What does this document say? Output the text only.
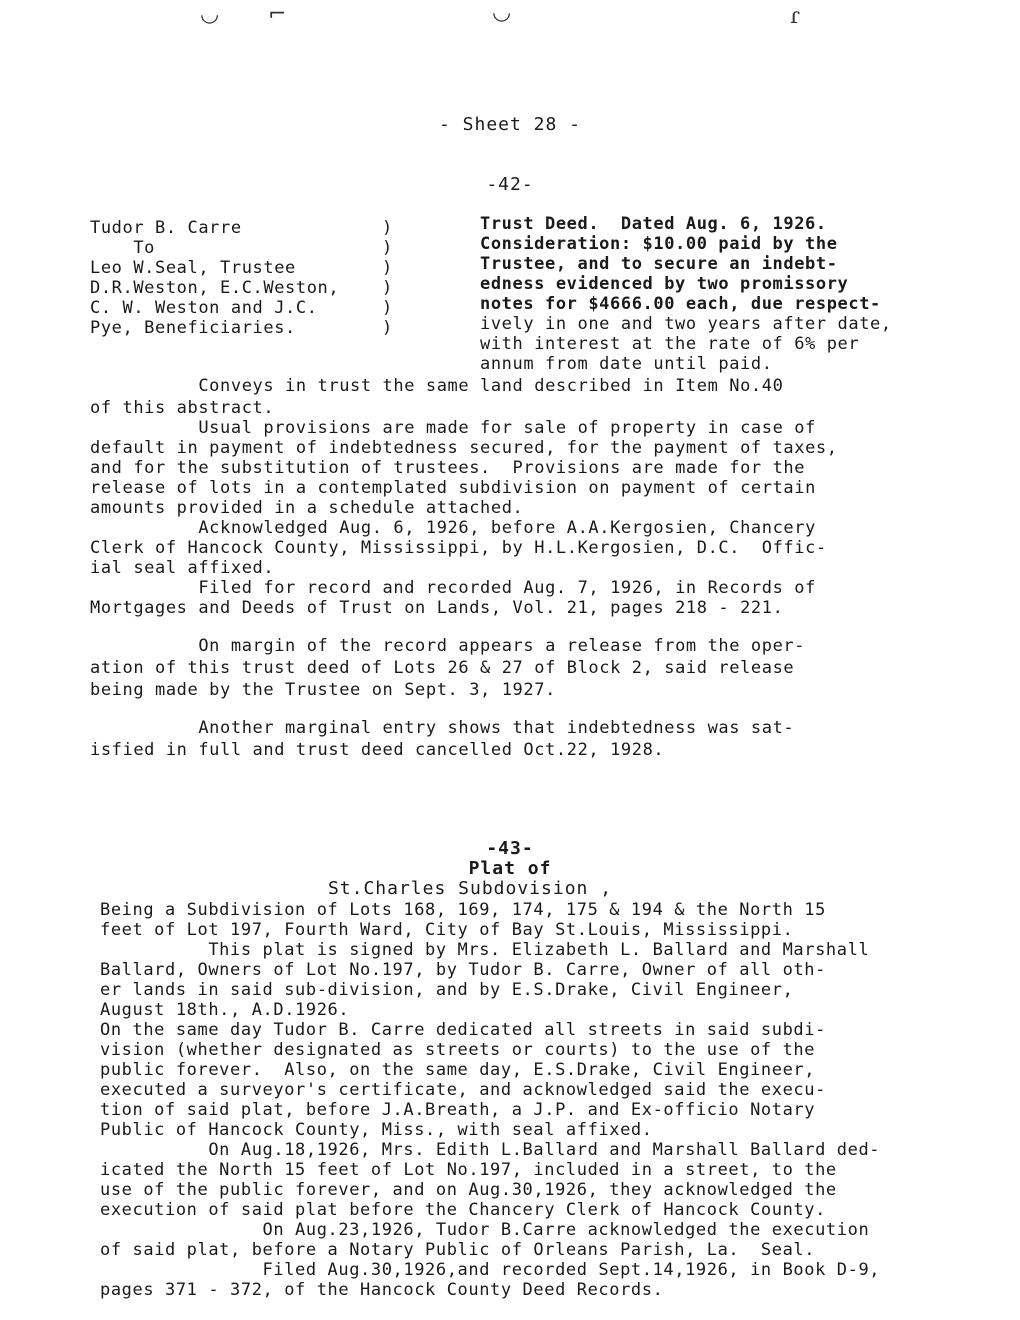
◡ ⌐	◡	ɾ
- Sheet 28 -
-42-
Tudor B. Carre	)
To	)
Leo W.Seal, Trustee	)
D.R.Weston, E.C.Weston,	)
C. W. Weston and J.C.	)
Pye, Beneficiaries.	)
Trust Deed.  Dated Aug. 6, 1926.
Consideration: $10.00 paid by the
Trustee, and to secure an indebt-
edness evidenced by two promissory
notes for $4666.00 each, due respect-
ively in one and two years after date,
with interest at the rate of 6% per
annum from date until paid.
Conveys in trust the same land described in Item No.40
of this abstract.
Usual provisions are made for sale of property in case of
default in payment of indebtedness secured, for the payment of taxes,
and for the substitution of trustees.  Provisions are made for the
release of lots in a contemplated subdivision on payment of certain
amounts provided in a schedule attached.
Acknowledged Aug. 6, 1926, before A.A.Kergosien, Chancery
Clerk of Hancock County, Mississippi, by H.L.Kergosien, D.C.  Offic-
ial seal affixed.
Filed for record and recorded Aug. 7, 1926, in Records of
Mortgages and Deeds of Trust on Lands, Vol. 21, pages 218 - 221.
On margin of the record appears a release from the oper-
ation of this trust deed of Lots 26 & 27 of Block 2, said release
being made by the Trustee on Sept. 3, 1927.
Another marginal entry shows that indebtedness was sat-
isfied in full and trust deed cancelled Oct.22, 1928.
-43-
Plat of
St.Charles Subdovision ,
Being a Subdivision of Lots 168, 169, 174, 175 & 194 & the North 15
feet of Lot 197, Fourth Ward, City of Bay St.Louis, Mississippi.
This plat is signed by Mrs. Elizabeth L. Ballard and Marshall
Ballard, Owners of Lot No.197, by Tudor B. Carre, Owner of all oth-
er lands in said sub-division, and by E.S.Drake, Civil Engineer,
August 18th., A.D.1926.
On the same day Tudor B. Carre dedicated all streets in said subdi-
vision (whether designated as streets or courts) to the use of the
public forever.  Also, on the same day, E.S.Drake, Civil Engineer,
executed a surveyor's certificate, and acknowledged said the execu-
tion of said plat, before J.A.Breath, a J.P. and Ex-officio Notary
Public of Hancock County, Miss., with seal affixed.
On Aug.18,1926, Mrs. Edith L.Ballard and Marshall Ballard ded-
icated the North 15 feet of Lot No.197, included in a street, to the
use of the public forever, and on Aug.30,1926, they acknowledged the
execution of said plat before the Chancery Clerk of Hancock County.
On Aug.23,1926, Tudor B.Carre acknowledged the execution
of said plat, before a Notary Public of Orleans Parish, La.  Seal.
Filed Aug.30,1926,and recorded Sept.14,1926, in Book D-9,
pages 371 - 372, of the Hancock County Deed Records.
